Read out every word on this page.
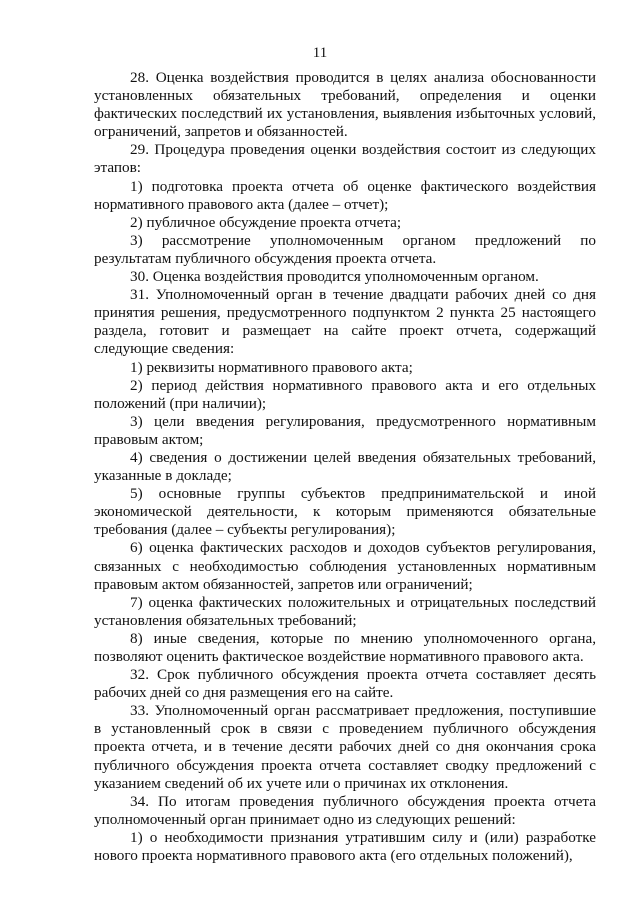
11

28. Оценка воздействия проводится в целях анализа обоснованности установленных обязательных требований, определения и оценки фактических последствий их установления, выявления избыточных условий, ограничений, запретов и обязанностей.

29. Процедура проведения оценки воздействия состоит из следующих этапов:

1) подготовка проекта отчета об оценке фактического воздействия нормативного правового акта (далее – отчет);

2) публичное обсуждение проекта отчета;

3) рассмотрение уполномоченным органом предложений по результатам публичного обсуждения проекта отчета.

30. Оценка воздействия проводится уполномоченным органом.

31. Уполномоченный орган в течение двадцати рабочих дней со дня принятия решения, предусмотренного подпунктом 2 пункта 25 настоящего раздела, готовит и размещает на сайте проект отчета, содержащий следующие сведения:

1) реквизиты нормативного правового акта;

2) период действия нормативного правового акта и его отдельных положений (при наличии);

3) цели введения регулирования, предусмотренного нормативным правовым актом;

4) сведения о достижении целей введения обязательных требований, указанные в докладе;

5) основные группы субъектов предпринимательской и иной экономической деятельности, к которым применяются обязательные требования (далее – субъекты регулирования);

6) оценка фактических расходов и доходов субъектов регулирования, связанных с необходимостью соблюдения установленных нормативным правовым актом обязанностей, запретов или ограничений;

7) оценка фактических положительных и отрицательных последствий установления обязательных требований;

8) иные сведения, которые по мнению уполномоченного органа, позволяют оценить фактическое воздействие нормативного правового акта.

32. Срок публичного обсуждения проекта отчета составляет десять рабочих дней со дня размещения его на сайте.

33. Уполномоченный орган рассматривает предложения, поступившие в установленный срок в связи с проведением публичного обсуждения проекта отчета, и в течение десяти рабочих дней со дня окончания срока публичного обсуждения проекта отчета составляет сводку предложений с указанием сведений об их учете или о причинах их отклонения.

34. По итогам проведения публичного обсуждения проекта отчета уполномоченный орган принимает одно из следующих решений:

1) о необходимости признания утратившим силу и (или) разработке нового проекта нормативного правового акта (его отдельных положений),
